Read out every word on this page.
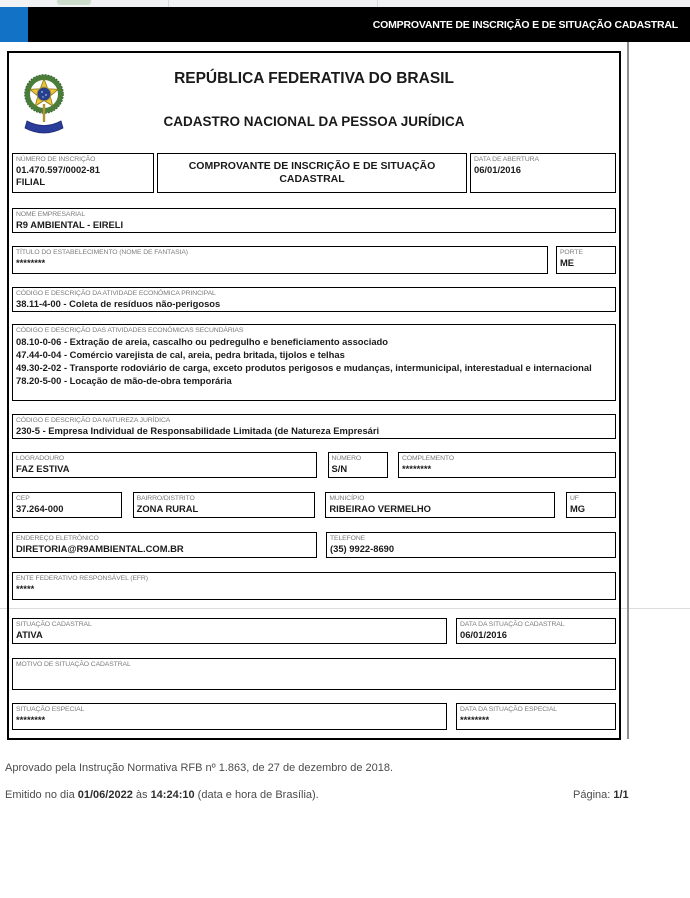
COMPROVANTE DE INSCRIÇÃO E DE SITUAÇÃO CADASTRAL
REPÚBLICA FEDERATIVA DO BRASIL
CADASTRO NACIONAL DA PESSOA JURÍDICA
NÚMERO DE INSCRIÇÃO
01.470.597/0002-81
FILIAL
COMPROVANTE DE INSCRIÇÃO E DE SITUAÇÃO CADASTRAL
DATA DE ABERTURA
06/01/2016
NOME EMPRESARIAL
R9 AMBIENTAL - EIRELI
TÍTULO DO ESTABELECIMENTO (NOME DE FANTASIA)
********
PORTE
ME
CÓDIGO E DESCRIÇÃO DA ATIVIDADE ECONÔMICA PRINCIPAL
38.11-4-00 - Coleta de resíduos não-perigosos
CÓDIGO E DESCRIÇÃO DAS ATIVIDADES ECONÔMICAS SECUNDÁRIAS
08.10-0-06 - Extração de areia, cascalho ou pedregulho e beneficiamento associado
47.44-0-04 - Comércio varejista de cal, areia, pedra britada, tijolos e telhas
49.30-2-02 - Transporte rodoviário de carga, exceto produtos perigosos e mudanças, intermunicipal, interestadual e internacional
78.20-5-00 - Locação de mão-de-obra temporária
CÓDIGO E DESCRIÇÃO DA NATUREZA JURÍDICA
230-5 - Empresa Individual de Responsabilidade Limitada (de Natureza Empresári
LOGRADOURO
FAZ ESTIVA
NÚMERO
S/N
COMPLEMENTO
********
CEP
37.264-000
BAIRRO/DISTRITO
ZONA RURAL
MUNICÍPIO
RIBEIRAO VERMELHO
UF
MG
ENDEREÇO ELETRÔNICO
DIRETORIA@R9AMBIENTAL.COM.BR
TELEFONE
(35) 9922-8690
ENTE FEDERATIVO RESPONSÁVEL (EFR)
*****
SITUAÇÃO CADASTRAL
ATIVA
DATA DA SITUAÇÃO CADASTRAL
06/01/2016
MOTIVO DE SITUAÇÃO CADASTRAL
SITUAÇÃO ESPECIAL
********
DATA DA SITUAÇÃO ESPECIAL
********
Aprovado pela Instrução Normativa RFB nº 1.863, de 27 de dezembro de 2018.
Emitido no dia 01/06/2022 às 14:24:10 (data e hora de Brasília).	Página: 1/1
